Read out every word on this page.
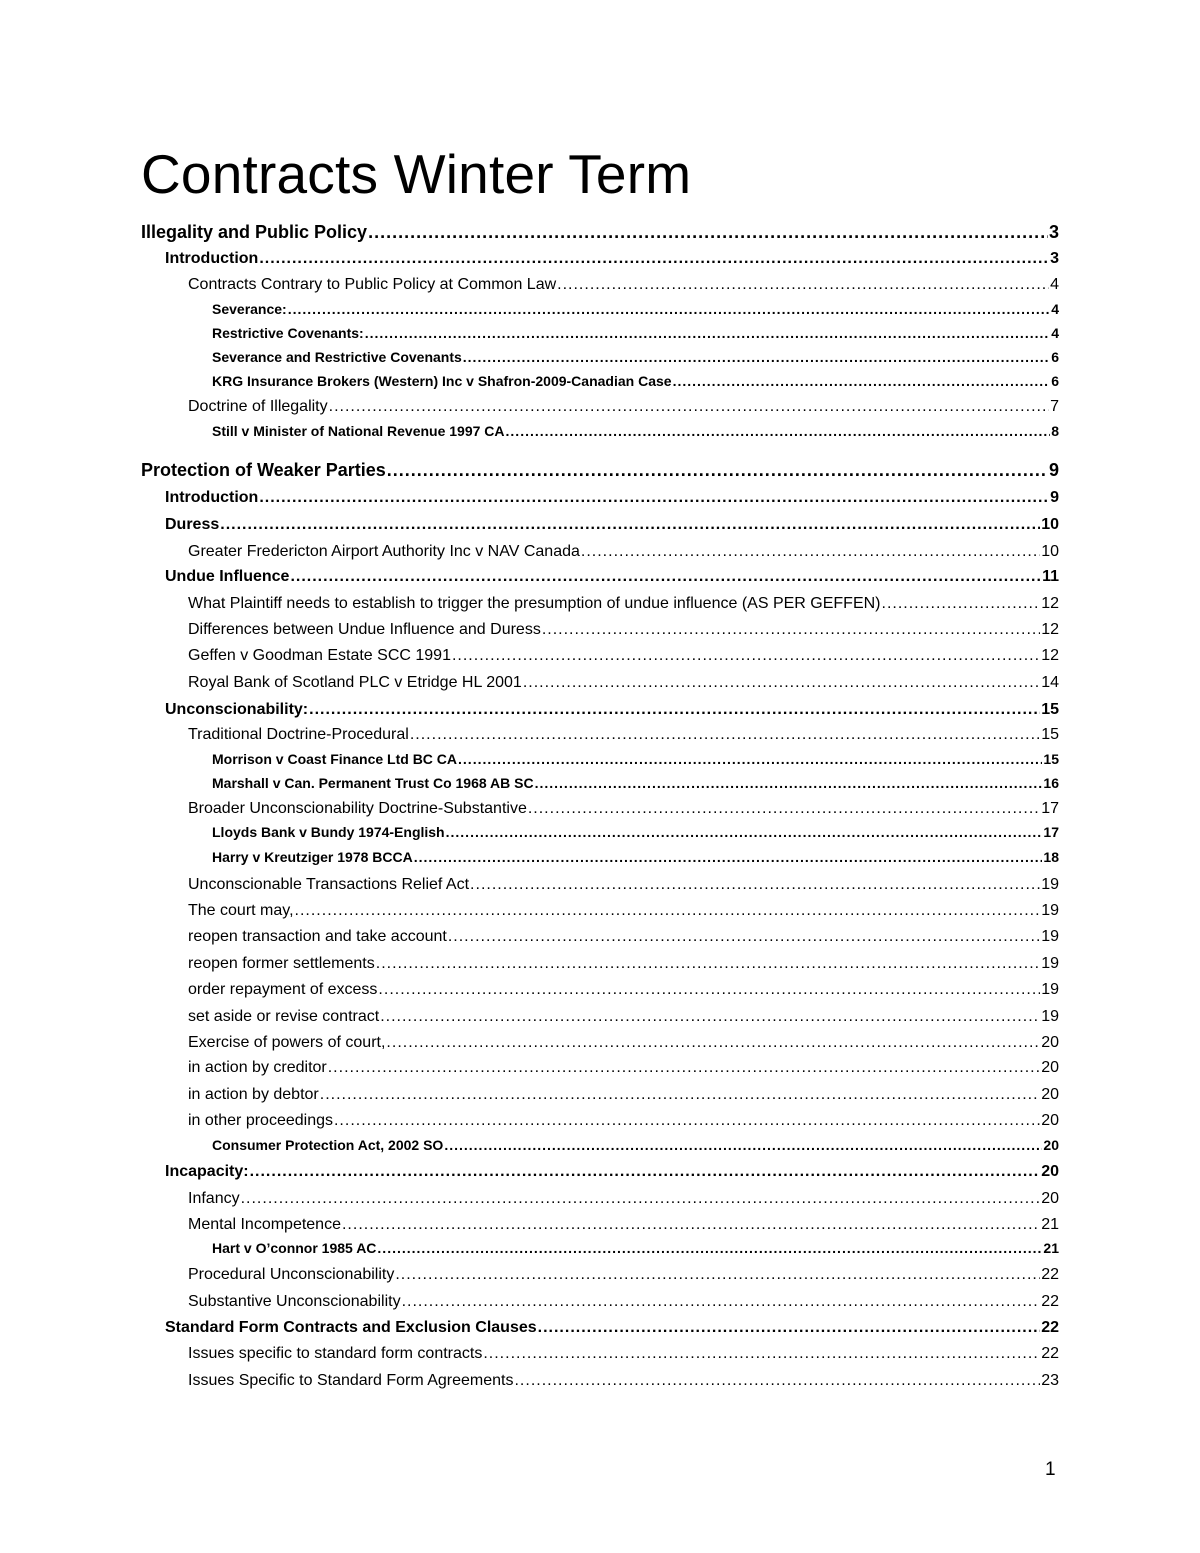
Contracts Winter Term
Illegality and Public Policy .....	3
Introduction .....	3
Contracts Contrary to Public Policy at Common Law .....	4
Severance: .....	4
Restrictive Covenants: .....	4
Severance and Restrictive Covenants .....	6
KRG Insurance Brokers (Western) Inc v Shafron-2009-Canadian Case .....	6
Doctrine of Illegality .....	7
Still v Minister of National Revenue 1997 CA .....	8
Protection of Weaker Parties .....	9
Introduction .....	9
Duress .....	10
Greater Fredericton Airport Authority Inc v NAV Canada .....	10
Undue Influence .....	11
What Plaintiff needs to establish to trigger the presumption of undue influence (AS PER GEFFEN) .....	12
Differences between Undue Influence and Duress .....	12
Geffen v Goodman Estate SCC 1991 .....	12
Royal Bank of Scotland PLC v Etridge HL 2001 .....	14
Unconscionability: .....	15
Traditional Doctrine-Procedural .....	15
Morrison v Coast Finance Ltd BC CA .....	15
Marshall v Can. Permanent Trust Co 1968 AB SC .....	16
Broader Unconscionability Doctrine-Substantive .....	17
Lloyds Bank v Bundy 1974-English .....	17
Harry v Kreutziger 1978 BCCA .....	18
Unconscionable Transactions Relief Act .....	19
The court may, .....	19
reopen transaction and take account .....	19
reopen former settlements .....	19
order repayment of excess .....	19
set aside or revise contract .....	19
Exercise of powers of court, .....	20
in action by creditor .....	20
in action by debtor .....	20
in other proceedings .....	20
Consumer Protection Act, 2002 SO .....	20
Incapacity: .....	20
Infancy .....	20
Mental Incompetence .....	21
Hart v O’connor 1985 AC .....	21
Procedural Unconscionability .....	22
Substantive Unconscionability .....	22
Standard Form Contracts and Exclusion Clauses .....	22
Issues specific to standard form contracts .....	22
Issues Specific to Standard Form Agreements .....	23
1
